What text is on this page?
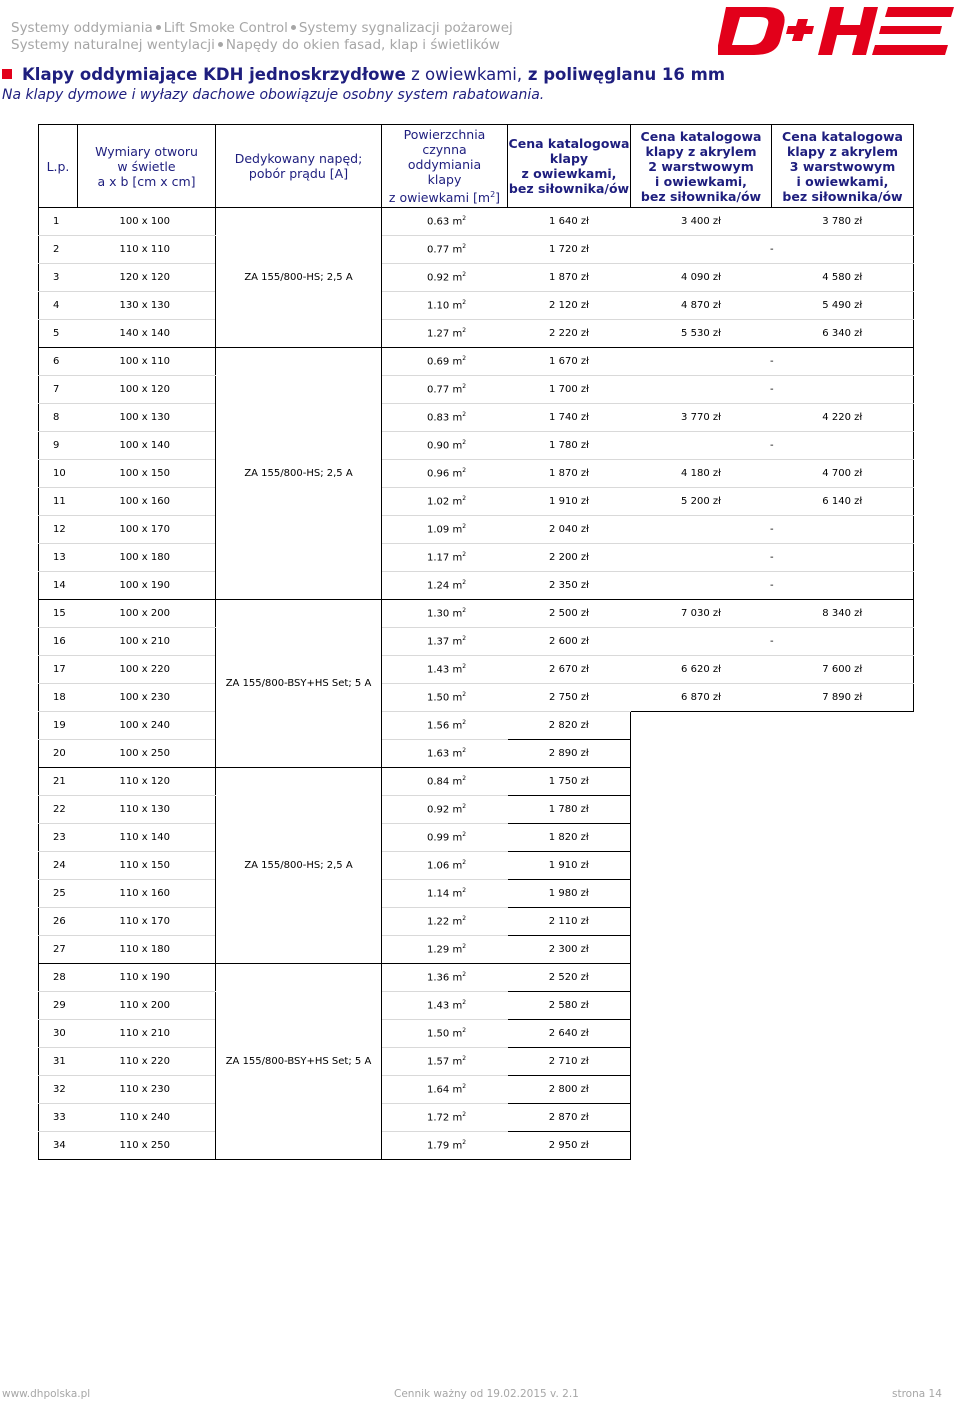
Systemy oddymiania Lift Smoke Control Systemy sygnalizacji pożarowej
Systemy naturalnej wentylacji Napędy do okien fasad, klap i świetlików
Klapy oddymiające KDH jednoskrzydłowe z owiewkami, z poliwęglanu 16 mm
Na klapy dymowe i wyłazy dachowe obowiązuje osobny system rabatowania.
L.p.	Wymiary otworu
w świetle
a x b [cm x cm]	Dedykowany napęd;
pobór prądu [A]	Powierzchnia
czynna
oddymiania
klapy
z owiewkami $[m^2]$	Cena katalogowa
klapy
z owiewkami,
bez siłownika/ów	Cena katalogowa
klapy z akrylem
2 warstwowym
i owiewkami,
bez siłownika/ów	Cena katalogowa
klapy z akrylem
3 warstwowym
i owiewkami,
bez siłownika/ów

1	100 x 100	ZA 155/800-HS; 2,5 A	0.63 $m^2$	1 640 zł	3 400 zł	3 780 zł
2	110 x 110		0.77 $m^2$	1 720 zł	-	
3	120 x 120		0.92 $m^2$	1 870 zł	4 090 zł	4 580 zł
4	130 x 130		1.10 $m^2$	2 120 zł	4 870 zł	5 490 zł
5	140 x 140		1.27 $m^2$	2 220 zł	5 530 zł	6 340 zł
6	100 x 110	ZA 155/800-HS; 2,5 A	0.69 $m^2$	1 670 zł	-	
7	100 x 120		0.77 $m^2$	1 700 zł	-	
8	100 x 130		0.83 $m^2$	1 740 zł	3 770 zł	4 220 zł
9	100 x 140		0.90 $m^2$	1 780 zł	-	
10	100 x 150		0.96 $m^2$	1 870 zł	4 180 zł	4 700 zł
11	100 x 160		1.02 $m^2$	1 910 zł	5 200 zł	6 140 zł
12	100 x 170		1.09 $m^2$	2 040 zł	-	
13	100 x 180		1.17 $m^2$	2 200 zł	-	
14	100 x 190		1.24 $m^2$	2 350 zł	-	
15	100 x 200	ZA 155/800-BSY+HS Set; 5 A	1.30 $m^2$	2 500 zł	7 030 zł	8 340 zł
16	100 x 210		1.37 $m^2$	2 600 zł	-	
17	100 x 220		1.43 $m^2$	2 670 zł	6 620 zł	7 600 zł
18	100 x 230		1.50 $m^2$	2 750 zł	6 870 zł	7 890 zł
19	100 x 240		1.56 $m^2$	2 820 zł		
20	100 x 250		1.63 $m^2$	2 890 zł		
21	110 x 120	ZA 155/800-HS; 2,5 A	0.84 $m^2$	1 750 zł		
22	110 x 130		0.92 $m^2$	1 780 zł		
23	110 x 140		0.99 $m^2$	1 820 zł		
24	110 x 150		1.06 $m^2$	1 910 zł		
25	110 x 160		1.14 $m^2$	1 980 zł		
26	110 x 170		1.22 $m^2$	2 110 zł		
27	110 x 180		1.29 $m^2$	2 300 zł		
28	110 x 190	ZA 155/800-BSY+HS Set; 5 A	1.36 $m^2$	2 520 zł		
29	110 x 200		1.43 $m^2$	2 580 zł		
30	110 x 210		1.50 $m^2$	2 640 zł		
31	110 x 220		1.57 $m^2$	2 710 zł		
32	110 x 230		1.64 $m^2$	2 800 zł		
33	110 x 240		1.72 $m^2$	2 870 zł		
34	110 x 250		1.79 $m^2$	2 950 zł		
www.dhpolska.pl	Cennik ważny od 19.02.2015 v. 2.1	strona 14
